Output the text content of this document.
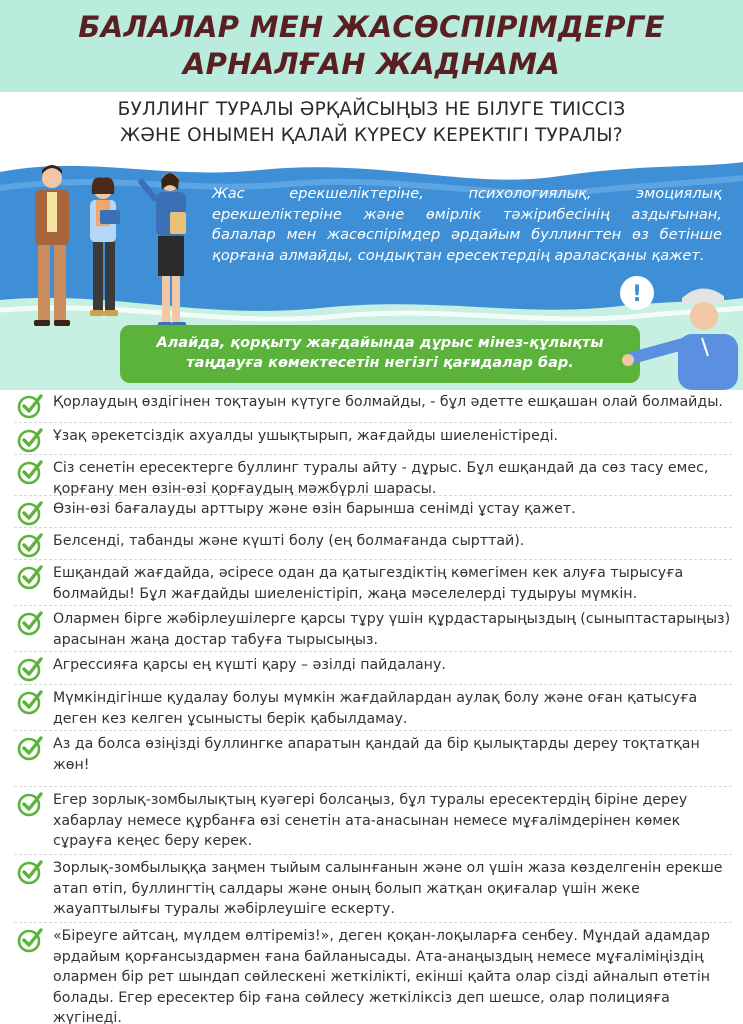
БАЛАЛАР МЕН ЖАСӨСПІРІМДЕРГЕ
АРНАЛҒАН ЖАДНАМА
БУЛЛИНГ ТУРАЛЫ ӘРҚАЙСЫҢЫЗ НЕ БІЛУГЕ ТИІССІЗ
ЖӘНЕ ОНЫМЕН ҚАЛАЙ КҮРЕСУ КЕРЕКТІГІ ТУРАЛЫ?
Жас ерекшеліктеріне, психологиялық, эмоциялық ерекшеліктеріне және өмірлік тәжірибесінің аздығынан, балалар мен жасөспірімдер әрдайым буллингтен өз бетінше қорғана алмайды, сондықтан ересектердің араласқаны қажет.
Алайда, қорқыту жағдайында дұрыс мінез-құлықты
таңдауға көмектесетін негізгі қағидалар бар.
!
Қорлаудың өздігінен тоқтауын күтуге болмайды, - бұл әдетте ешқашан олай болмайды.
Ұзақ әрекетсіздік ахуалды ушықтырып, жағдайды шиеленістіреді.
Сіз сенетін ересектерге буллинг туралы айту - дұрыс. Бұл ешқандай да сөз тасу емес, қорғану мен өзін-өзі қорғаудың мәжбүрлі шарасы.
Өзін-өзі бағалауды арттыру және өзін барынша сенімді ұстау қажет.
Белсенді, табанды және күшті болу (ең болмағанда сырттай).
Ешқандай жағдайда, әсіресе одан да қатыгездіктің көмегімен кек алуға тырысуға болмайды! Бұл жағдайды шиеленістіріп, жаңа мәселелерді тудыруы мүмкін.
Олармен бірге жәбірлеушілерге қарсы тұру үшін құрдастарыңыздың (сыныптастарыңыз) арасынан жаңа достар табуға тырысыңыз.
Агрессияға қарсы ең күшті қару – әзілді пайдалану.
Мүмкіндігінше қудалау болуы мүмкін жағдайлардан аулақ болу және оған қатысуға деген кез келген ұсынысты берік қабылдамау.
Аз да болса өзіңізді буллингке апаратын қандай да бір қылықтарды дереу тоқтатқан жөн!
Егер зорлық-зомбылықтың куәгері болсаңыз, бұл туралы ересектердің біріне дереу хабарлау немесе құрбанға өзі сенетін ата-анасынан немесе мұғалімдерінен көмек сұрауға кеңес беру керек.
Зорлық-зомбылыққа заңмен тыйым салынғанын және ол үшін жаза көзделгенін ерекше атап өтіп, буллингтің салдары және оның болып жатқан оқиғалар үшін жеке жауаптылығы туралы жәбірлеушіге ескерту.
«Біреуге айтсаң, мүлдем өлтіреміз!», деген қоқан-лоқыларға сенбеу. Мұндай адамдар әрдайым қорғансыздармен ғана байланысады. Ата-анаңыздың немесе мұғаліміңіздің олармен бір рет шындап сөйлескені жеткілікті, екінші қайта олар сізді айналып өтетін болады. Егер ересектер бір ғана сөйлесу жеткіліксіз деп шешсе, олар полицияға жүгінеді.
